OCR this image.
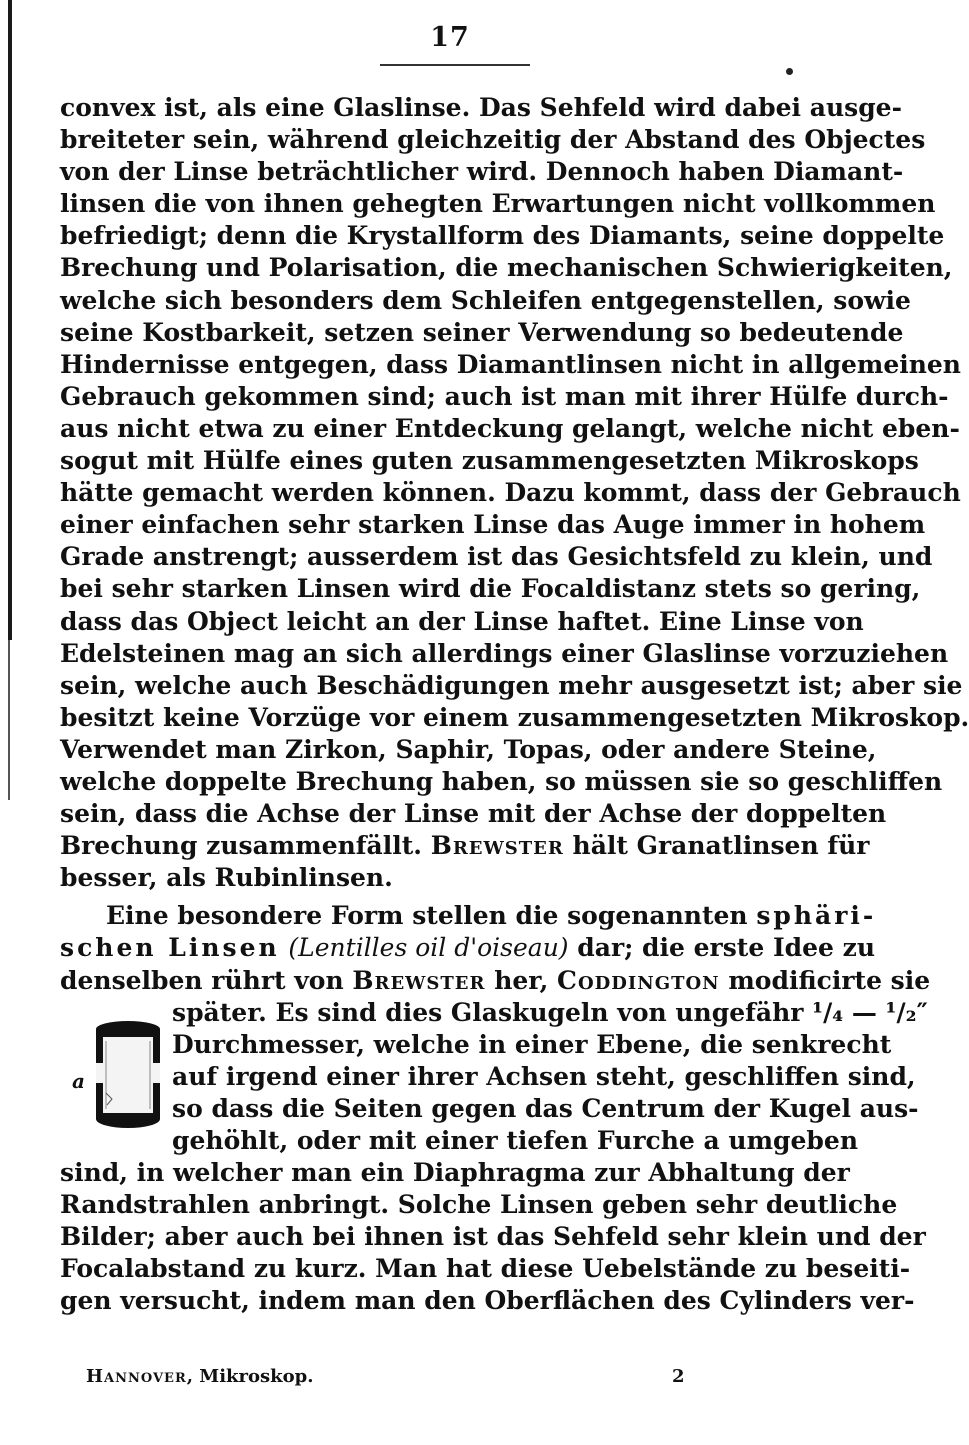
17
convex ist, als eine Glaslinse. Das Sehfeld wird dabei ausge-
breiteter sein, während gleichzeitig der Abstand des Objectes
von der Linse beträchtlicher wird. Dennoch haben Diamant-
linsen die von ihnen gehegten Erwartungen nicht vollkommen
befriedigt; denn die Krystallform des Diamants, seine doppelte
Brechung und Polarisation, die mechanischen Schwierigkeiten,
welche sich besonders dem Schleifen entgegenstellen, sowie
seine Kostbarkeit, setzen seiner Verwendung so bedeutende
Hindernisse entgegen, dass Diamantlinsen nicht in allgemeinen
Gebrauch gekommen sind; auch ist man mit ihrer Hülfe durch-
aus nicht etwa zu einer Entdeckung gelangt, welche nicht eben-
sogut mit Hülfe eines guten zusammengesetzten Mikroskops
hätte gemacht werden können. Dazu kommt, dass der Gebrauch
einer einfachen sehr starken Linse das Auge immer in hohem
Grade anstrengt; ausserdem ist das Gesichtsfeld zu klein, und
bei sehr starken Linsen wird die Focaldistanz stets so gering,
dass das Object leicht an der Linse haftet. Eine Linse von
Edelsteinen mag an sich allerdings einer Glaslinse vorzuziehen
sein, welche auch Beschädigungen mehr ausgesetzt ist; aber sie
besitzt keine Vorzüge vor einem zusammengesetzten Mikroskop.
Verwendet man Zirkon, Saphir, Topas, oder andere Steine,
welche doppelte Brechung haben, so müssen sie so geschliffen
sein, dass die Achse der Linse mit der Achse der doppelten
Brechung zusammenfällt. Brewster hält Granatlinsen für
besser, als Rubinlinsen.
Eine besondere Form stellen die sogenannten sphäri-
schen Linsen (Lentilles oil d'oiseau) dar; die erste Idee zu
denselben rührt von Brewster her, Coddington modificirte sie
a
später. Es sind dies Glaskugeln von ungefähr ¹/₄ — ¹/₂″
Durchmesser, welche in einer Ebene, die senkrecht
auf irgend einer ihrer Achsen steht, geschliffen sind,
so dass die Seiten gegen das Centrum der Kugel aus-
gehöhlt, oder mit einer tiefen Furche a umgeben
sind, in welcher man ein Diaphragma zur Abhaltung der
Randstrahlen anbringt. Solche Linsen geben sehr deutliche
Bilder; aber auch bei ihnen ist das Sehfeld sehr klein und der
Focalabstand zu kurz. Man hat diese Uebelstände zu beseiti-
gen versucht, indem man den Oberflächen des Cylinders ver-
Hannover, Mikroskop.	2
